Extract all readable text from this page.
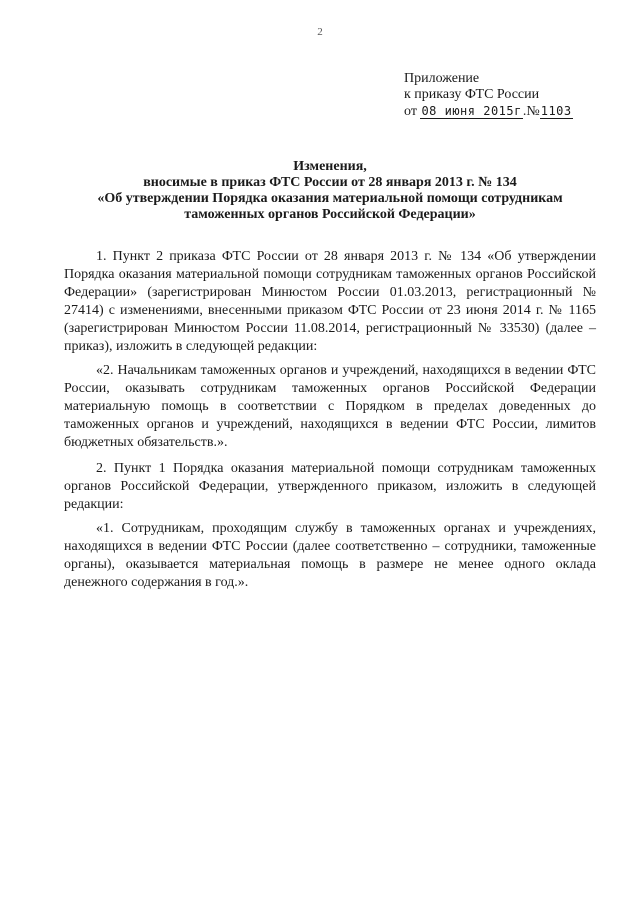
2
Приложение
к приказу ФТС России
от 08 июня 2015г.№1103
Изменения,
вносимые в приказ ФТС России от 28 января 2013 г. № 134
«Об утверждении Порядка оказания материальной помощи сотрудникам
таможенных органов Российской Федерации»

1. Пункт 2 приказа ФТС России от 28 января 2013 г. № 134 «Об утверждении Порядка оказания материальной помощи сотрудникам таможенных органов Российской Федерации» (зарегистрирован Минюстом России 01.03.2013, регистрационный № 27414) с изменениями, внесенными приказом ФТС России от 23 июня 2014 г. № 1165 (зарегистрирован Минюстом России 11.08.2014, регистрационный № 33530) (далее – приказ), изложить в следующей редакции:

«2. Начальникам таможенных органов и учреждений, находящихся в ведении ФТС России, оказывать сотрудникам таможенных органов Российской Федерации материальную помощь в соответствии с Порядком в пределах доведенных до таможенных органов и учреждений, находящихся в ведении ФТС России, лимитов бюджетных обязательств.».

2. Пункт 1 Порядка оказания материальной помощи сотрудникам таможенных органов Российской Федерации, утвержденного приказом, изложить в следующей редакции:

«1. Сотрудникам, проходящим службу в таможенных органах и учреждениях, находящихся в ведении ФТС России (далее соответственно – сотрудники, таможенные органы), оказывается материальная помощь в размере не менее одного оклада денежного содержания в год.».
